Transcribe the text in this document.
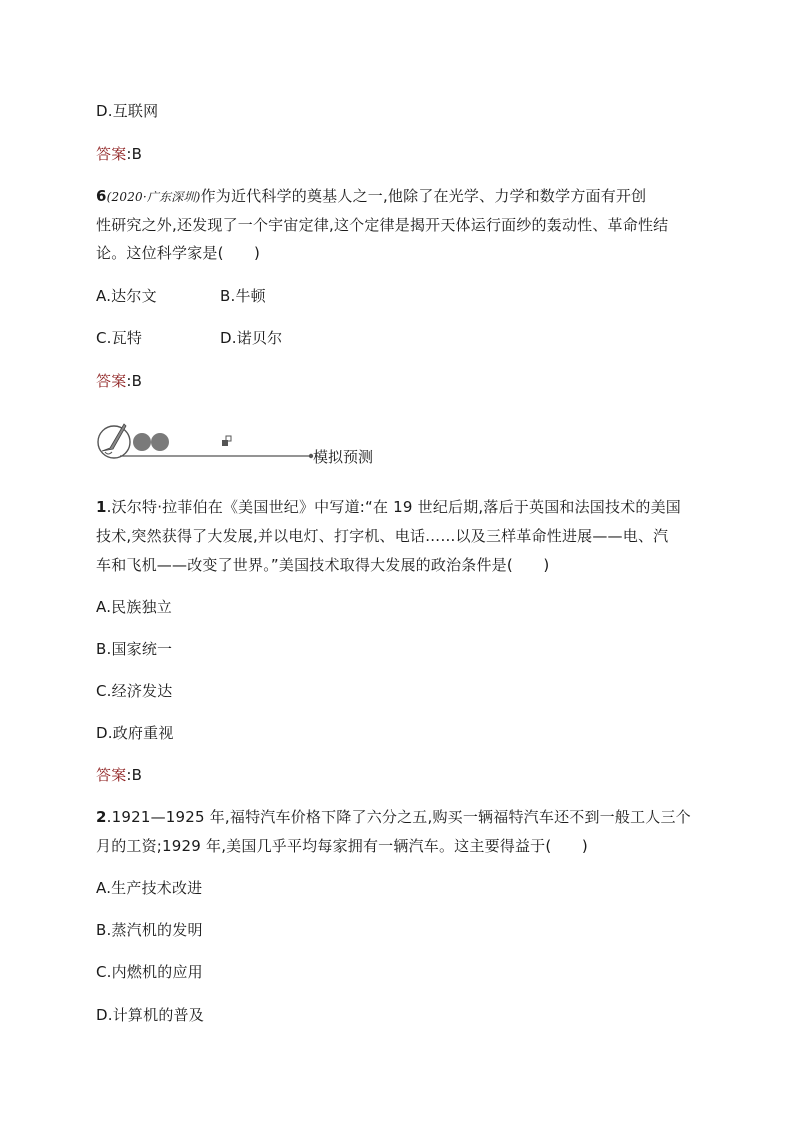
D.互联网
答案:B
6(2020·广东深圳)作为近代科学的奠基人之一,他除了在光学、力学和数学方面有开创
性研究之外,还发现了一个宇宙定律,这个定律是揭开天体运行面纱的轰动性、革命性结
论。这位科学家是(　　)
A.达尔文	B.牛顿
C.瓦特	D.诺贝尔
答案:B
模拟预测
1.沃尔特·拉菲伯在《美国世纪》中写道:“在 19 世纪后期,落后于英国和法国技术的美国
技术,突然获得了大发展,并以电灯、打字机、电话……以及三样革命性进展——电、汽
车和飞机——改变了世界。”美国技术取得大发展的政治条件是(　　)
A.民族独立
B.国家统一
C.经济发达
D.政府重视
答案:B
2.1921—1925 年,福特汽车价格下降了六分之五,购买一辆福特汽车还不到一般工人三个
月的工资;1929 年,美国几乎平均每家拥有一辆汽车。这主要得益于(　　)
A.生产技术改进
B.蒸汽机的发明
C.内燃机的应用
D.计算机的普及
